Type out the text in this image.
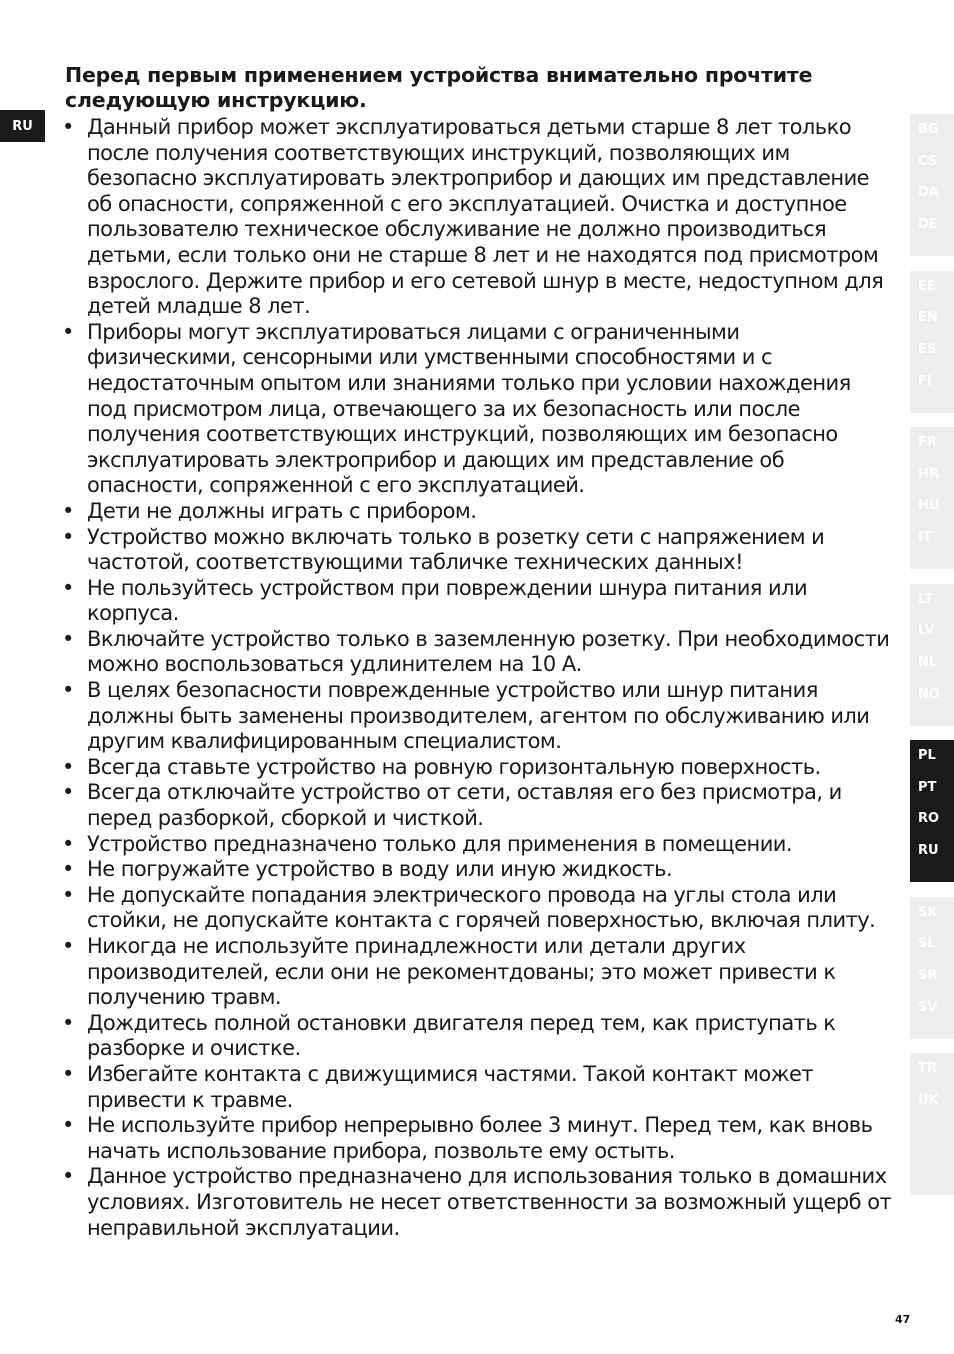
RU
Перед первым применением устройства внимательно прочтите следующую инструкцию.
• Данный прибор может эксплуатироваться детьми старше 8 лет только после получения соответствующих инструкций, позволяющих им безопасно эксплуатировать электроприбор и дающих им представление об опасности, сопряженной с его эксплуатацией. Очистка и доступное пользователю техническое обслуживание не должно производиться детьми, если только они не старше 8 лет и не находятся под присмотром взрослого. Держите прибор и его сетевой шнур в месте, недоступном для детей младше 8 лет.
• Приборы могут эксплуатироваться лицами с ограниченными физическими, сенсорными или умственными способностями и с недостаточным опытом или знаниями только при условии нахождения под присмотром лица, отвечающего за их безопасность или после получения соответствующих инструкций, позволяющих им безопасно эксплуатировать электроприбор и дающих им представление об опасности, сопряженной с его эксплуатацией.
• Дети не должны играть с прибором.
• Устройство можно включать только в розетку сети с напряжением и частотой, соответствующими табличке технических данных!
• Не пользуйтесь устройством при повреждении шнура питания или корпуса.
• Включайте устройство только в заземленную розетку. При необходимости можно воспользоваться удлинителем на 10 А.
• В целях безопасности поврежденные устройство или шнур питания должны быть заменены производителем, агентом по обслуживанию или другим квалифицированным специалистом.
• Всегда ставьте устройство на ровную горизонтальную поверхность.
• Всегда отключайте устройство от сети, оставляя его без присмотра, и перед разборкой, сборкой и чисткой.
• Устройство предназначено только для применения в помещении.
• Не погружайте устройство в воду или иную жидкость.
• Не допускайте попадания электрического провода на углы стола или стойки, не допускайте контакта с горячей поверхностью, включая плиту.
• Никогда не используйте принадлежности или детали других производителей, если они не рекоментдованы; это может привести к получению травм.
• Дождитесь полной остановки двигателя перед тем, как приступать к разборке и очистке.
• Избегайте контакта с движущимися частями. Такой контакт может привести к травме.
• Не используйте прибор непрерывно более 3 минут. Перед тем, как вновь начать использование прибора, позвольте ему остыть.
• Данное устройство предназначено для использования только в домашних условиях. Изготовитель не несет ответственности за возможный ущерб от неправильной эксплуатации.
BG
CS
DA
DE
EE
EN
ES
FI
FR
HR
HU
IT
LT
LV
NL
NO
PL
PT
RO
RU
SK
SL
SR
SV
TR
UK
47
